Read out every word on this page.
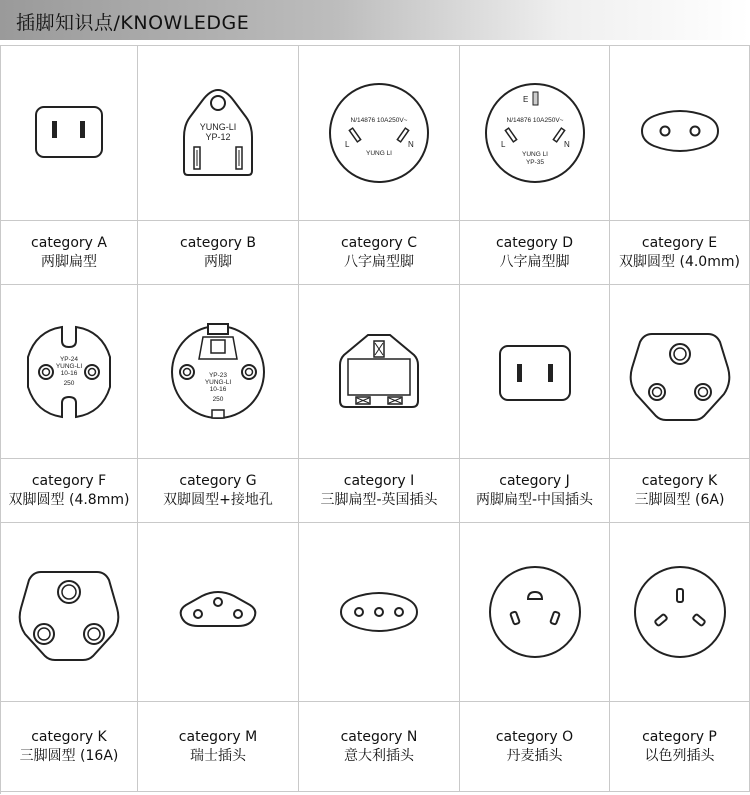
插脚知识点/KNOWLEDGE
YUNG-LI
YP-12
N/14876 10A250V~
L	N
YUNG LI
E
N/14876 10A250V~
L	N
YUNG LI
YP-35
category A
两脚扁型
category B
两脚
category C
八字扁型脚
category D
八字扁型脚
category E
双脚圆型 (4.0mm)
YP-24
YUNG-LI
10-16
250
YP-23
YUNG-LI
10-16
250
category F
双脚圆型 (4.8mm)
category G
双脚圆型+接地孔
category I
三脚扁型-英国插头
category J
两脚扁型-中国插头
category K
三脚圆型 (6A)
category K
三脚圆型 (16A)
category M
瑞士插头
category N
意大利插头
category O
丹麦插头
category P
以色列插头
